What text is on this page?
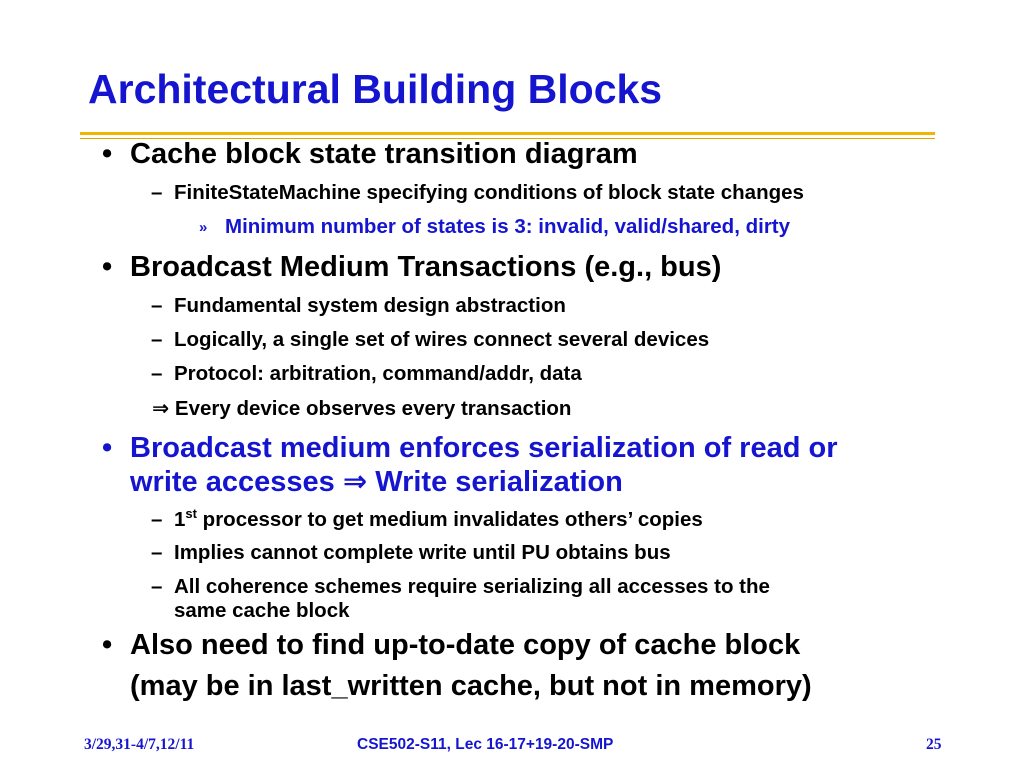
Architectural Building Blocks
• Cache block state transition diagram
– FiniteStateMachine specifying conditions of block state changes
» Minimum number of states is 3: invalid, valid/shared, dirty
• Broadcast Medium Transactions (e.g., bus)
– Fundamental system design abstraction
– Logically, a single set of wires connect several devices
– Protocol: arbitration, command/addr, data
⇒ Every device observes every transaction
• Broadcast medium enforces serialization of read or
write accesses ⇒ Write serialization
– 1st processor to get medium invalidates others’ copies
– Implies cannot complete write until PU obtains bus
– All coherence schemes require serializing all accesses to the
same cache block
• Also need to find up-to-date copy of cache block
(may be in last_written cache, but not in memory)
3/29,31-4/7,12/11	CSE502-S11, Lec 16-17+19-20-SMP	25
